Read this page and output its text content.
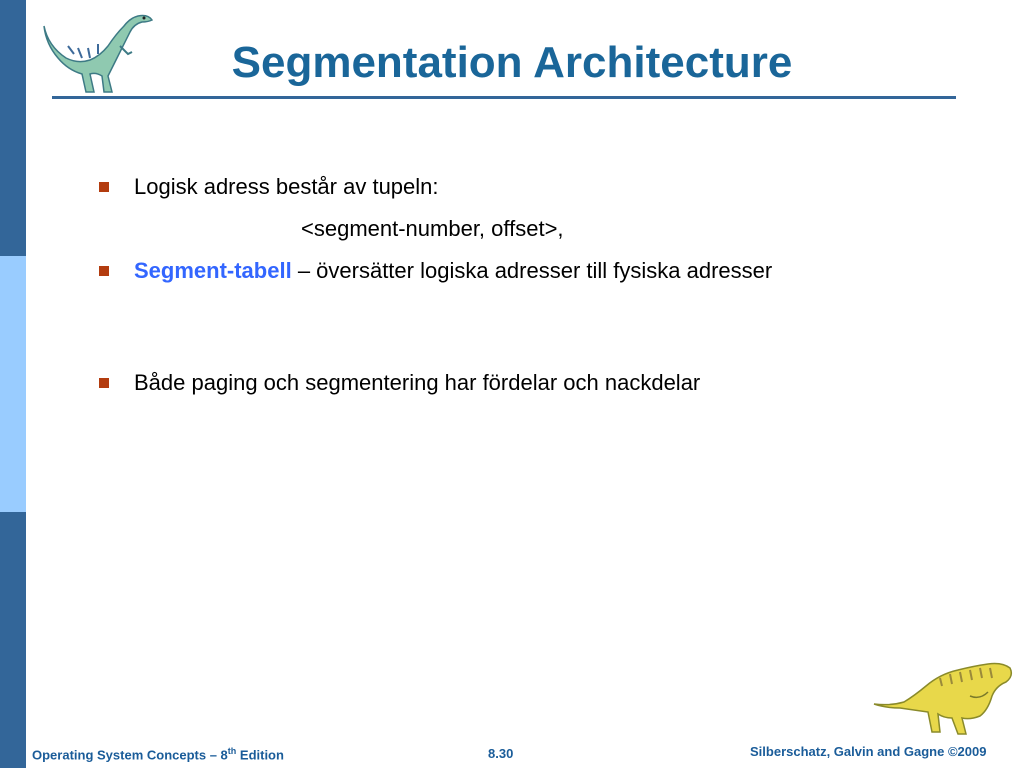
Segmentation Architecture
Logisk adress består av tupeln:
<segment-number, offset>,
Segment-tabell – översätter logiska adresser till fysiska adresser
Både paging och segmentering har fördelar och nackdelar
Operating System Concepts – 8th Edition	8.30	Silberschatz, Galvin and Gagne ©2009
